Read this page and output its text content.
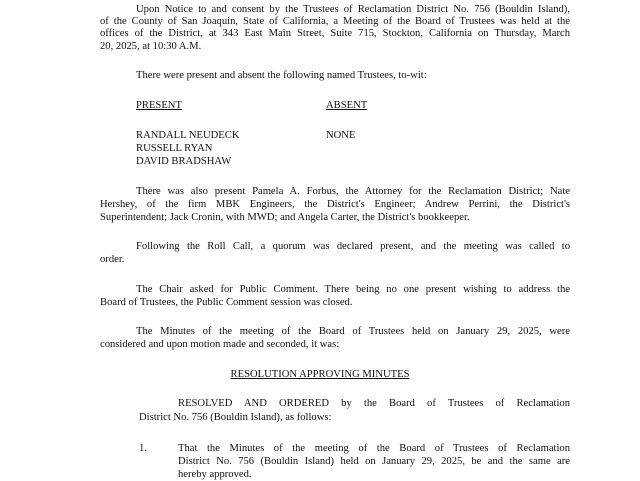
Upon Notice to and consent by the Trustees of Reclamation District No. 756 (Bouldin Island),
of the County of San Joaquin, State of California, a Meeting of the Board of Trustees was held at the
offices of the District, at 343 East Main Street, Suite 715, Stockton, California on Thursday, March
20, 2025, at 10:30 A.M.
There were present and absent the following named Trustees, to-wit:
PRESENT	ABSENT
RANDALL NEUDECK
RUSSELL RYAN
DAVID BRADSHAW
NONE
There was also present Pamela A. Forbus, the Attorney for the Reclamation District; Nate
Hershey, of the firm MBK Engineers, the District's Engineer; Andrew Perrini, the District's
Superintendent; Jack Cronin, with MWD; and Angela Carter, the District's bookkeeper.
Following the Roll Call, a quorum was declared present, and the meeting was called to
order.
The Chair asked for Public Comment. There being no one present wishing to address the
Board of Trustees, the Public Comment session was closed.
The Minutes of the meeting of the Board of Trustees held on January 29, 2025, were
considered and upon motion made and seconded, it was:
RESOLUTION APPROVING MINUTES
RESOLVED AND ORDERED by the Board of Trustees of Reclamation
District No. 756 (Bouldin Island), as follows:
1.	That the Minutes of the meeting of the Board of Trustees of Reclamation
District No. 756 (Bouldin Island) held on January 29, 2025, be and the same are
hereby approved.
